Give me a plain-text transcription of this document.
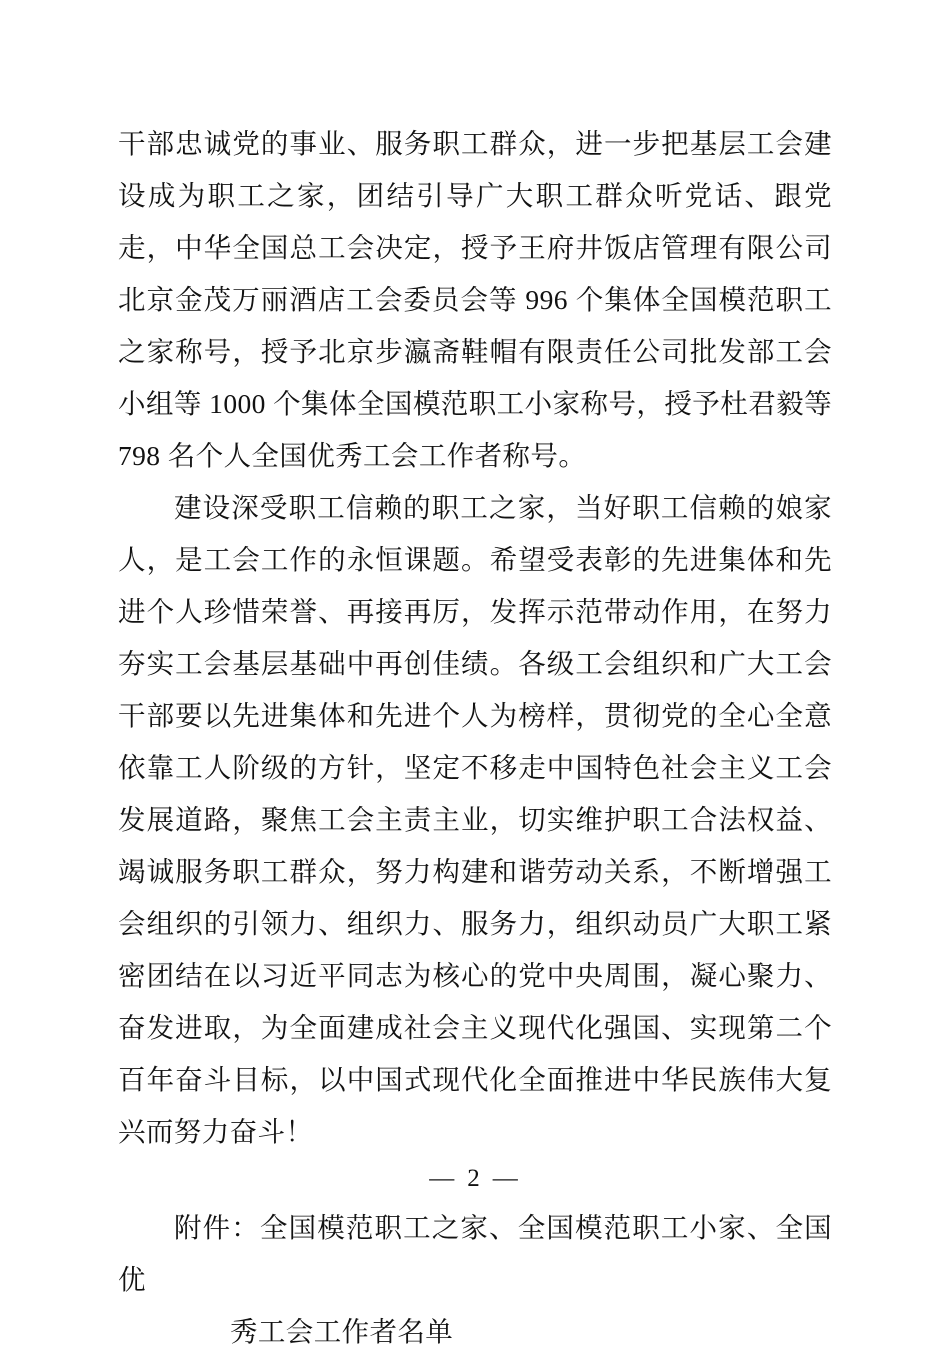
干部忠诚党的事业、服务职工群众，进一步把基层工会建设成为职工之家，团结引导广大职工群众听党话、跟党走，中华全国总工会决定，授予王府井饭店管理有限公司北京金茂万丽酒店工会委员会等 996 个集体全国模范职工之家称号，授予北京步瀛斋鞋帽有限责任公司批发部工会小组等 1000 个集体全国模范职工小家称号，授予杜君毅等 798 名个人全国优秀工会工作者称号。

建设深受职工信赖的职工之家，当好职工信赖的娘家人，是工会工作的永恒课题。希望受表彰的先进集体和先进个人珍惜荣誉、再接再厉，发挥示范带动作用，在努力夯实工会基层基础中再创佳绩。各级工会组织和广大工会干部要以先进集体和先进个人为榜样，贯彻党的全心全意依靠工人阶级的方针，坚定不移走中国特色社会主义工会发展道路，聚焦工会主责主业，切实维护职工合法权益、竭诚服务职工群众，努力构建和谐劳动关系，不断增强工会组织的引领力、组织力、服务力，组织动员广大职工紧密团结在以习近平同志为核心的党中央周围，凝心聚力、奋发进取，为全面建成社会主义现代化强国、实现第二个百年奋斗目标，以中国式现代化全面推进中华民族伟大复兴而努力奋斗！

附件：全国模范职工之家、全国模范职工小家、全国优
秀工会工作者名单
— 2 —
